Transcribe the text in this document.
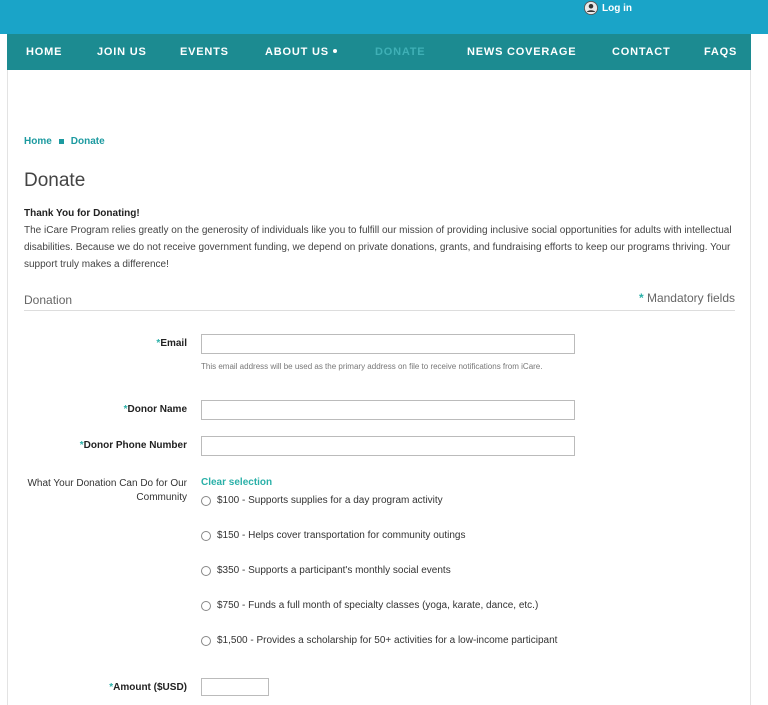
Log in
HOME	JOIN US	EVENTS	ABOUT US	DONATE	NEWS COVERAGE	CONTACT	FAQS
Home Donate
Donate
Thank You for Donating!

The iCare Program relies greatly on the generosity of individuals like you to fulfill our mission of providing inclusive social opportunities for adults with intellectual disabilities. Because we do not receive government funding, we depend on private donations, grants, and fundraising efforts to keep our programs thriving. Your support truly makes a difference!

Donation	* Mandatory fields
*Email
This email address will be used as the primary address on file to receive notifications from iCare.
*Donor Name
*Donor Phone Number
What Your Donation Can Do for Our Community
Clear selection
$100 - Supports supplies for a day program activity
$150 - Helps cover transportation for community outings
$350 - Supports a participant's monthly social events
$750 - Funds a full month of specialty classes (yoga, karate, dance, etc.)
$1,500 - Provides a scholarship for 50+ activities for a low-income participant
*Amount ($USD)
